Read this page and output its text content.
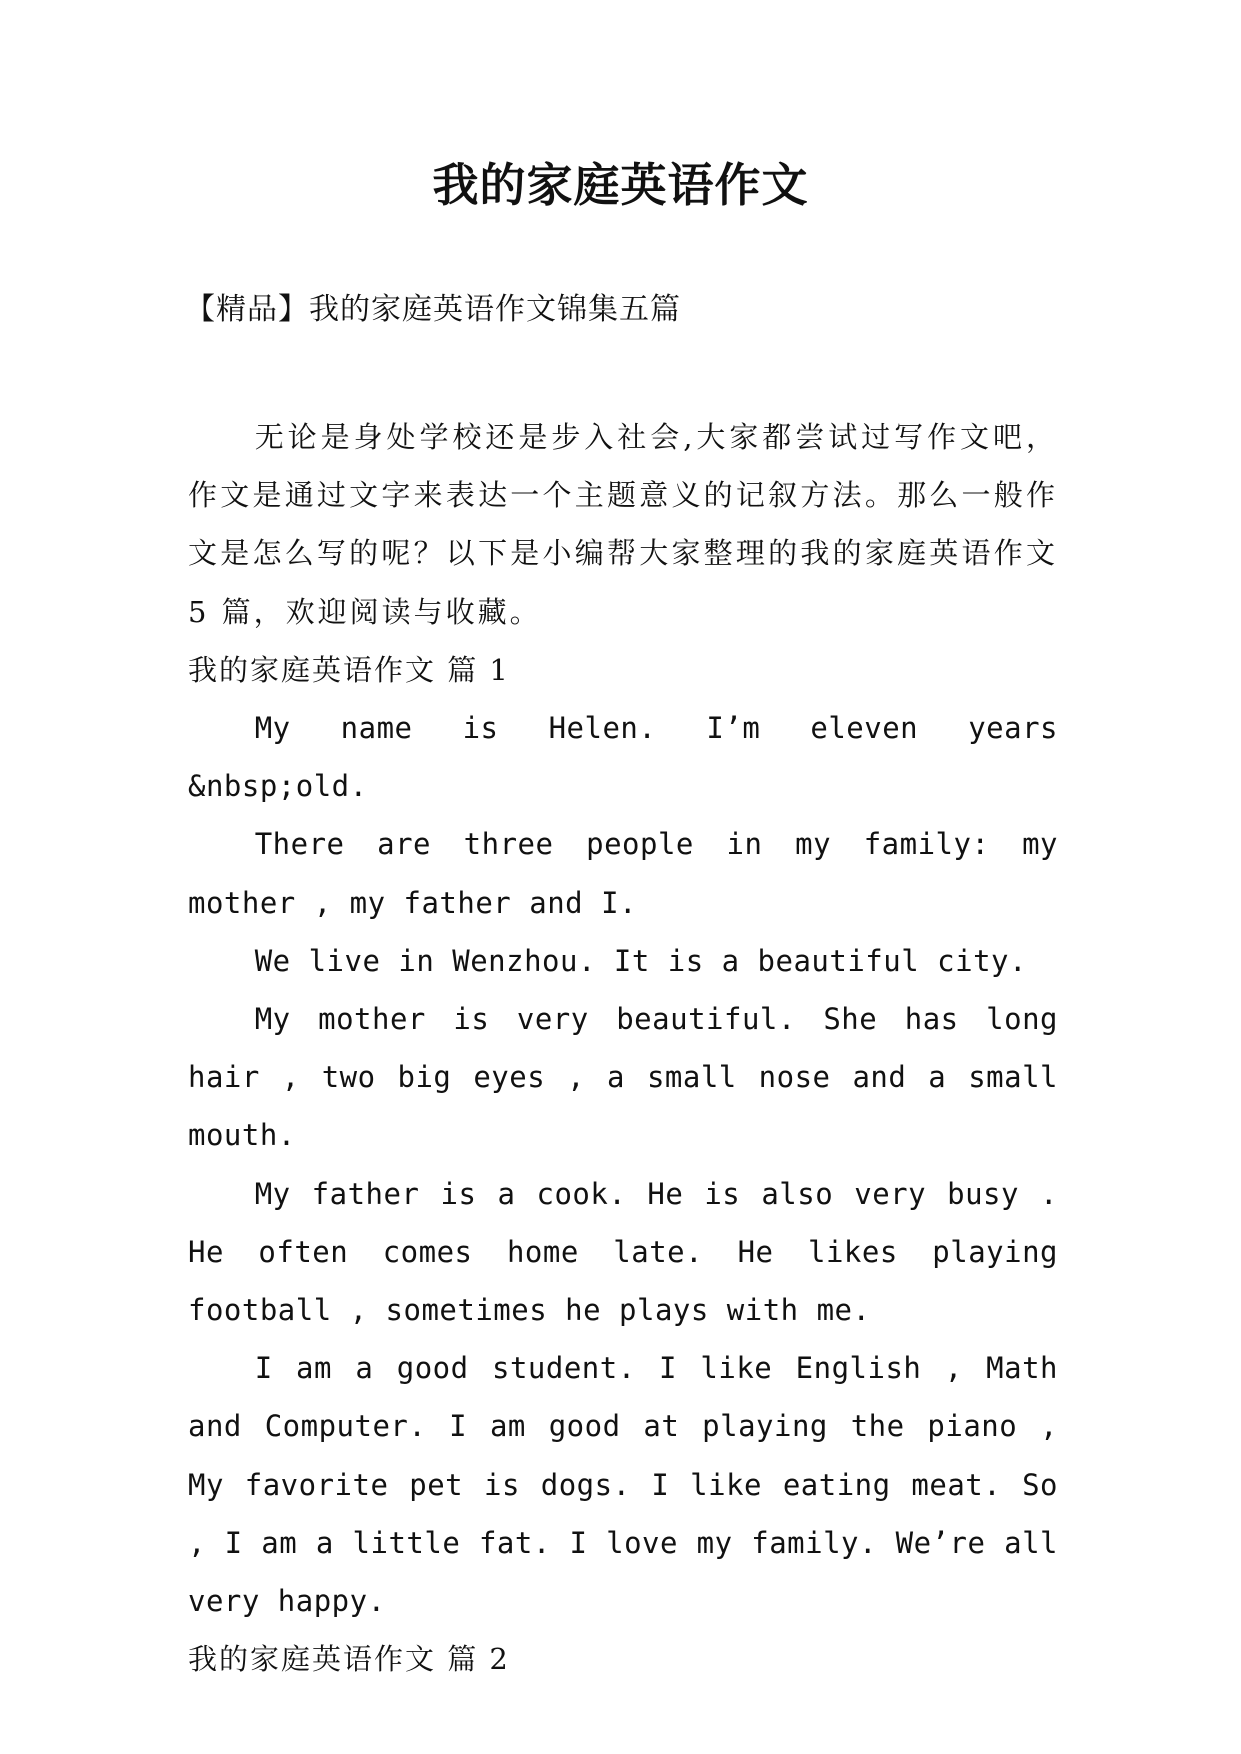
我的家庭英语作文
【精品】我的家庭英语作文锦集五篇

无论是身处学校还是步入社会,大家都尝试过写作文吧，作文是通过文字来表达一个主题意义的记叙方法。那么一般作文是怎么写的呢？以下是小编帮大家整理的我的家庭英语作文 5 篇，欢迎阅读与收藏。

我的家庭英语作文 篇 1

My name is Helen. I’m eleven years &nbsp;old.

There are three people in my family: my mother , my father and I.

We live in Wenzhou. It is a beautiful city.

My mother is very beautiful. She has long hair , two big eyes , a small nose and a small mouth.

My father is a cook. He is also very busy . He often comes home late. He likes playing football , sometimes he plays with me.

I am a good student. I like English , Math and Computer. I am good at playing the piano , My favorite pet is dogs. I like eating meat. So , I am a little fat. I love my family. We’re all very happy.

我的家庭英语作文 篇 2
